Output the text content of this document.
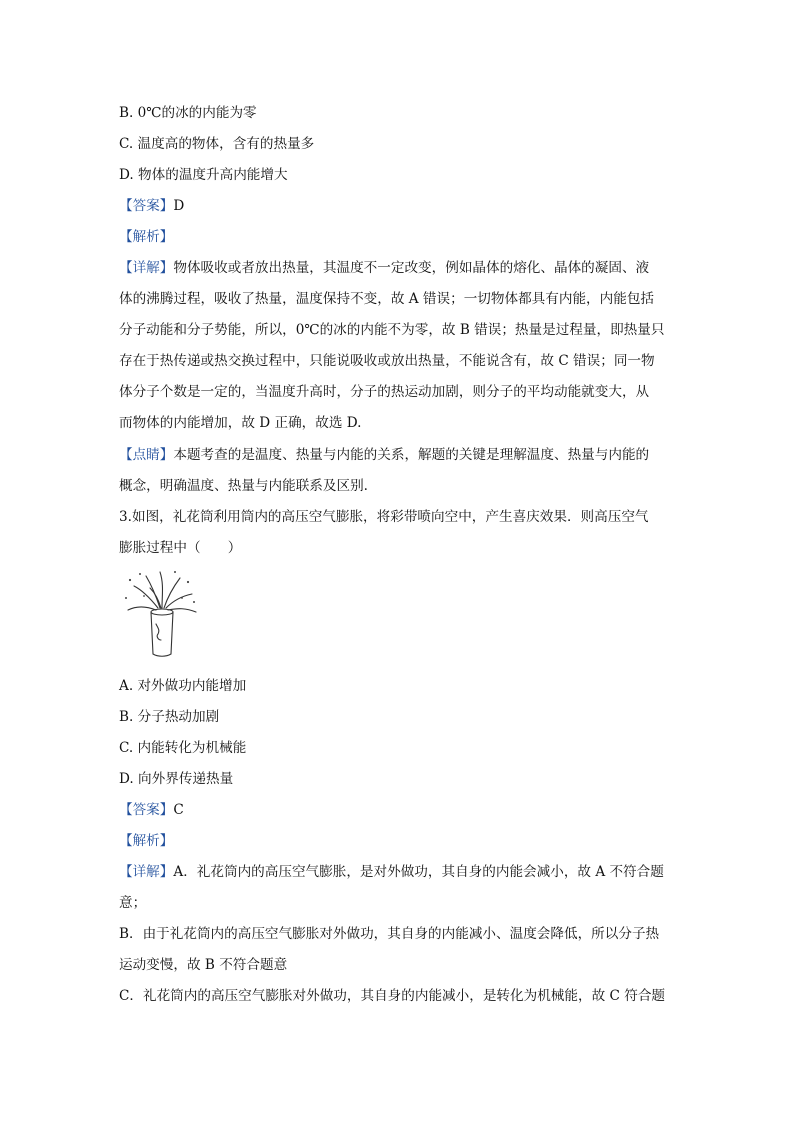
B. 0℃的冰的内能为零
C. 温度高的物体，含有的热量多
D. 物体的温度升高内能增大
【答案】D
【解析】
【详解】物体吸收或者放出热量，其温度不一定改变，例如晶体的熔化、晶体的凝固、液
体的沸腾过程，吸收了热量，温度保持不变，故 A 错误；一切物体都具有内能，内能包括
分子动能和分子势能，所以，0℃的冰的内能不为零，故 B 错误；热量是过程量，即热量只
存在于热传递或热交换过程中，只能说吸收或放出热量，不能说含有，故 C 错误；同一物
体分子个数是一定的，当温度升高时，分子的热运动加剧，则分子的平均动能就变大，从
而物体的内能增加，故 D 正确，故选 D.
【点睛】本题考查的是温度、热量与内能的关系，解题的关键是理解温度、热量与内能的
概念，明确温度、热量与内能联系及区别.
3.如图，礼花筒利用筒内的高压空气膨胀，将彩带喷向空中，产生喜庆效果．则高压空气
膨胀过程中（　　）
A. 对外做功内能增加
B. 分子热动加剧
C. 内能转化为机械能
D. 向外界传递热量
【答案】C
【解析】
【详解】A．礼花筒内的高压空气膨胀，是对外做功，其自身的内能会减小，故 A 不符合题
意；
B．由于礼花筒内的高压空气膨胀对外做功，其自身的内能减小、温度会降低，所以分子热
运动变慢，故 B 不符合题意
C．礼花筒内的高压空气膨胀对外做功，其自身的内能减小，是转化为机械能，故 C 符合题
